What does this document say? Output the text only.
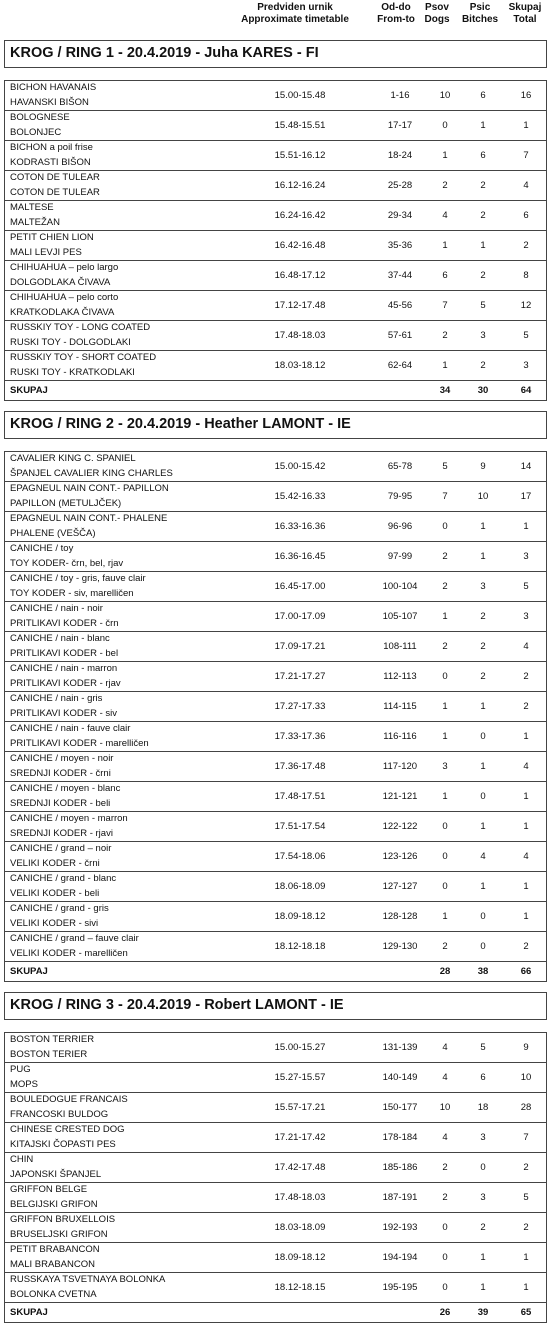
Predviden urnik
Approximate timetable
Od-do
From-to
Psov
Dogs
Psic
Bitches
Skupaj
Total
KROG / RING 1 - 20.4.2019 - Juha KARES - FI
BICHON HAVANAIS
HAVANSKI BIŠON
15.00-15.48	1-16	10	6	16
BOLOGNESE
BOLONJEC
15.48-15.51	17-17	0	1	1
BICHON a poil frise
KODRASTI BIŠON
15.51-16.12	18-24	1	6	7
COTON DE TULEAR
COTON DE TULEAR
16.12-16.24	25-28	2	2	4
MALTESE
MALTEŽAN
16.24-16.42	29-34	4	2	6
PETIT CHIEN LION
MALI LEVJI PES
16.42-16.48	35-36	1	1	2
CHIHUAHUA – pelo largo
DOLGODLAKA ČIVAVA
16.48-17.12	37-44	6	2	8
CHIHUAHUA – pelo corto
KRATKODLAKA ČIVAVA
17.12-17.48	45-56	7	5	12
RUSSKIY TOY - LONG COATED
RUSKI TOY - DOLGODLAKI
17.48-18.03	57-61	2	3	5
RUSSKIY TOY - SHORT COATED
RUSKI TOY - KRATKODLAKI
18.03-18.12	62-64	1	2	3
SKUPAJ	34	30	64
KROG / RING 2 - 20.4.2019 - Heather LAMONT - IE
CAVALIER KING C. SPANIEL
ŠPANJEL CAVALIER KING CHARLES
15.00-15.42	65-78	5	9	14
EPAGNEUL NAIN CONT.- PAPILLON
PAPILLON (METULJČEK)
15.42-16.33	79-95	7	10	17
EPAGNEUL NAIN CONT.- PHALENE
PHALENE (VEŠČA)
16.33-16.36	96-96	0	1	1
CANICHE / toy
TOY KODER- črn, bel, rjav
16.36-16.45	97-99	2	1	3
CANICHE / toy - gris, fauve clair
TOY KODER - siv, marelličen
16.45-17.00	100-104	2	3	5
CANICHE / nain - noir
PRITLIKAVI KODER - črn
17.00-17.09	105-107	1	2	3
CANICHE / nain - blanc
PRITLIKAVI KODER - bel
17.09-17.21	108-111	2	2	4
CANICHE / nain - marron
PRITLIKAVI KODER - rjav
17.21-17.27	112-113	0	2	2
CANICHE / nain - gris
PRITLIKAVI KODER - siv
17.27-17.33	114-115	1	1	2
CANICHE / nain - fauve clair
PRITLIKAVI KODER - marelličen
17.33-17.36	116-116	1	0	1
CANICHE / moyen - noir
SREDNJI KODER - črni
17.36-17.48	117-120	3	1	4
CANICHE / moyen - blanc
SREDNJI KODER - beli
17.48-17.51	121-121	1	0	1
CANICHE / moyen - marron
SREDNJI KODER - rjavi
17.51-17.54	122-122	0	1	1
CANICHE / grand – noir
VELIKI KODER - črni
17.54-18.06	123-126	0	4	4
CANICHE / grand - blanc
VELIKI KODER - beli
18.06-18.09	127-127	0	1	1
CANICHE / grand - gris
VELIKI KODER - sivi
18.09-18.12	128-128	1	0	1
CANICHE / grand – fauve clair
VELIKI KODER - marelličen
18.12-18.18	129-130	2	0	2
SKUPAJ	28	38	66
KROG / RING 3 - 20.4.2019 - Robert LAMONT - IE
BOSTON TERRIER
BOSTON TERIER
15.00-15.27	131-139	4	5	9
PUG
MOPS
15.27-15.57	140-149	4	6	10
BOULEDOGUE FRANCAIS
FRANCOSKI BULDOG
15.57-17.21	150-177	10	18	28
CHINESE CRESTED DOG
KITAJSKI ČOPASTI PES
17.21-17.42	178-184	4	3	7
CHIN
JAPONSKI ŠPANJEL
17.42-17.48	185-186	2	0	2
GRIFFON BELGE
BELGIJSKI GRIFON
17.48-18.03	187-191	2	3	5
GRIFFON BRUXELLOIS
BRUSELJSKI GRIFON
18.03-18.09	192-193	0	2	2
PETIT BRABANCON
MALI BRABANCON
18.09-18.12	194-194	0	1	1
RUSSKAYA TSVETNAYA BOLONKA
BOLONKA CVETNA
18.12-18.15	195-195	0	1	1
SKUPAJ	26	39	65
